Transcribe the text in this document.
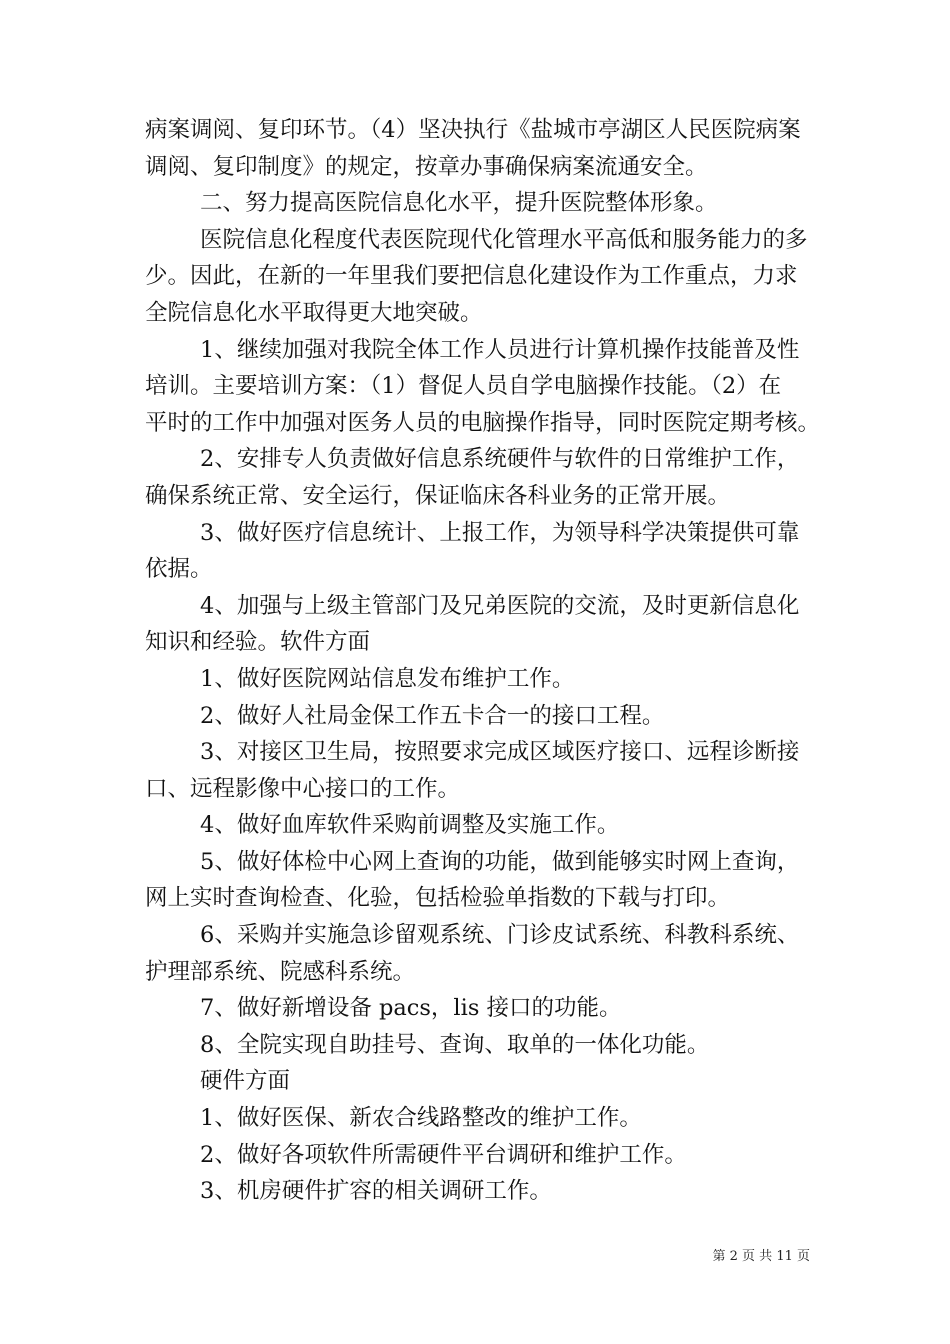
病案调阅、复印环节。（4）坚决执行《盐城市亭湖区人民医院病案

调阅、复印制度》的规定，按章办事确保病案流通安全。

二、努力提高医院信息化水平，提升医院整体形象。

医院信息化程度代表医院现代化管理水平高低和服务能力的多

少。因此，在新的一年里我们要把信息化建设作为工作重点，力求

全院信息化水平取得更大地突破。

1、继续加强对我院全体工作人员进行计算机操作技能普及性

培训。主要培训方案：（1）督促人员自学电脑操作技能。（2）在

平时的工作中加强对医务人员的电脑操作指导，同时医院定期考核。

2、安排专人负责做好信息系统硬件与软件的日常维护工作，

确保系统正常、安全运行，保证临床各科业务的正常开展。

3、做好医疗信息统计、上报工作，为领导科学决策提供可靠

依据。

4、加强与上级主管部门及兄弟医院的交流，及时更新信息化

知识和经验。软件方面

1、做好医院网站信息发布维护工作。

2、做好人社局金保工作五卡合一的接口工程。

3、对接区卫生局，按照要求完成区域医疗接口、远程诊断接

口、远程影像中心接口的工作。

4、做好血库软件采购前调整及实施工作。

5、做好体检中心网上查询的功能，做到能够实时网上查询，

网上实时查询检查、化验，包括检验单指数的下载与打印。

6、采购并实施急诊留观系统、门诊皮试系统、科教科系统、

护理部系统、院感科系统。

7、做好新增设备 pacs，lis 接口的功能。

8、全院实现自助挂号、查询、取单的一体化功能。

硬件方面

1、做好医保、新农合线路整改的维护工作。

2、做好各项软件所需硬件平台调研和维护工作。

3、机房硬件扩容的相关调研工作。

第 2 页 共 11 页
